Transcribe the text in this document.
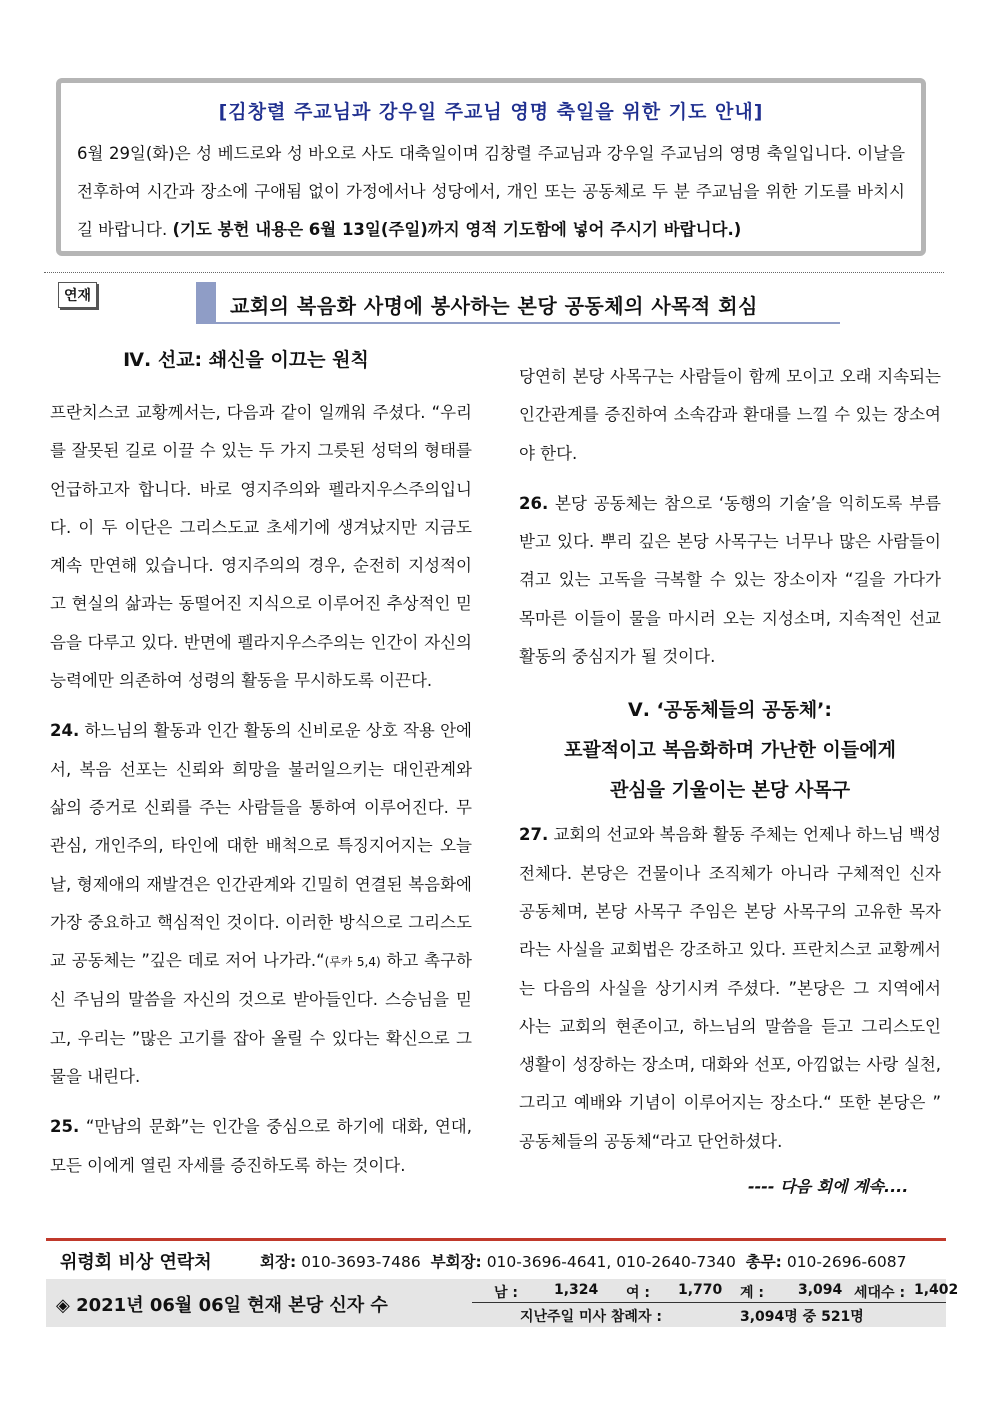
[김창렬 주교님과 강우일 주교님 영명 축일을 위한 기도 안내]
6월 29일(화)은 성 베드로와 성 바오로 사도 대축일이며 김창렬 주교님과 강우일 주교님의 영명 축일입니다. 이날을 전후하여 시간과 장소에 구애됨 없이 가정에서나 성당에서, 개인 또는 공동체로 두 분 주교님을 위한 기도를 바치시길 바랍니다. (기도 봉헌 내용은 6월 13일(주일)까지 영적 기도함에 넣어 주시기 바랍니다.)
연재	교회의 복음화 사명에 봉사하는 본당 공동체의 사목적 회심
Ⅳ. 선교: 쇄신을 이끄는 원칙

프란치스코 교황께서는, 다음과 같이 일깨워 주셨다. “우리를 잘못된 길로 이끌 수 있는 두 가지 그릇된 성덕의 형태를 언급하고자 합니다. 바로 영지주의와 펠라지우스주의입니다. 이 두 이단은 그리스도교 초세기에 생겨났지만 지금도 계속 만연해 있습니다. 영지주의의 경우, 순전히 지성적이고 현실의 삶과는 동떨어진 지식으로 이루어진 추상적인 믿음을 다루고 있다. 반면에 펠라지우스주의는 인간이 자신의 능력에만 의존하여 성령의 활동을 무시하도록 이끈다.

24. 하느님의 활동과 인간 활동의 신비로운 상호 작용 안에서, 복음 선포는 신뢰와 희망을 불러일으키는 대인관계와 삶의 증거로 신뢰를 주는 사람들을 통하여 이루어진다. 무관심, 개인주의, 타인에 대한 배척으로 특징지어지는 오늘날, 형제애의 재발견은 인간관계와 긴밀히 연결된 복음화에 가장 중요하고 핵심적인 것이다. 이러한 방식으로 그리스도교 공동체는 ”깊은 데로 저어 나가라.“(루카 5,4) 하고 촉구하신 주님의 말씀을 자신의 것으로 받아들인다. 스승님을 믿고, 우리는 ”많은 고기를 잡아 올릴 수 있다는 확신으로 그물을 내린다.

25. “만남의 문화”는 인간을 중심으로 하기에 대화, 연대, 모든 이에게 열린 자세를 증진하도록 하는 것이다.

당연히 본당 사목구는 사람들이 함께 모이고 오래 지속되는 인간관계를 증진하여 소속감과 환대를 느낄 수 있는 장소여야 한다.

26. 본당 공동체는 참으로 ‘동행의 기술’을 익히도록 부름받고 있다. 뿌리 깊은 본당 사목구는 너무나 많은 사람들이 겪고 있는 고독을 극복할 수 있는 장소이자 “길을 가다가 목마른 이들이 물을 마시러 오는 지성소며, 지속적인 선교 활동의 중심지가 될 것이다.

Ⅴ. ‘공동체들의 공동체’:
포괄적이고 복음화하며 가난한 이들에게
관심을 기울이는 본당 사목구

27. 교회의 선교와 복음화 활동 주체는 언제나 하느님 백성 전체다. 본당은 건물이나 조직체가 아니라 구체적인 신자 공동체며, 본당 사목구 주임은 본당 사목구의 고유한 목자라는 사실을 교회법은 강조하고 있다. 프란치스코 교황께서는 다음의 사실을 상기시켜 주셨다. ”본당은 그 지역에서 사는 교회의 현존이고, 하느님의 말씀을 듣고 그리스도인 생활이 성장하는 장소며, 대화와 선포, 아낌없는 사랑 실천, 그리고 예배와 기념이 이루어지는 장소다.“ 또한 본당은 ” 공동체들의 공동체“라고 단언하셨다.

---- 다음 회에 계속....
위령회 비상 연락처	회장: 010-3693-7486 부회장: 010-3696-4641, 010-2640-7340 총무: 010-2696-6087
◈ 2021년 06월 06일 현재 본당 신자 수
남 :	1,324 여 : 1,770 계 : 3,094 세대수 : 1,402
지난주일 미사 참례자 :	3,094명 중 521명
